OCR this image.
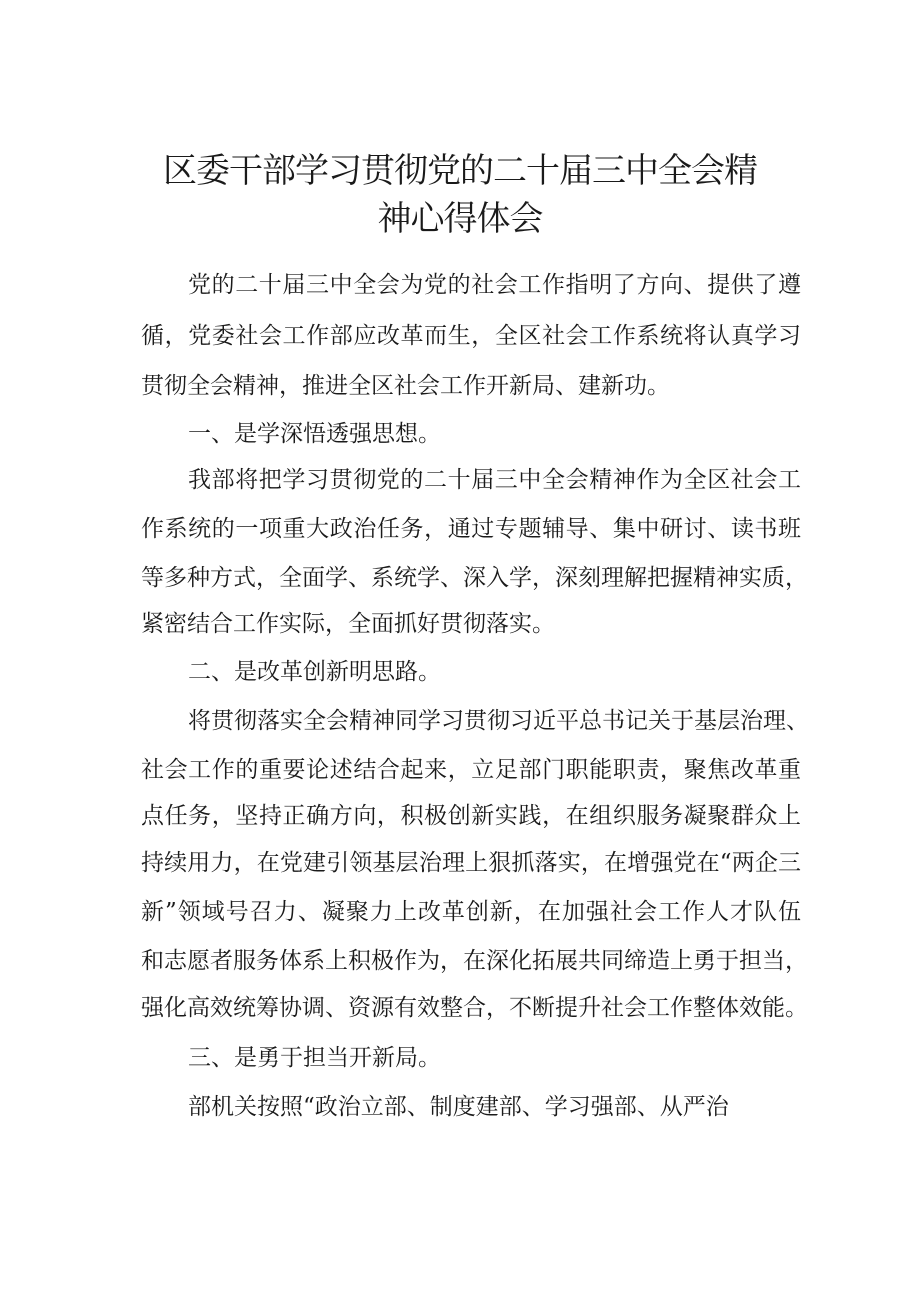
区委干部学习贯彻党的二十届三中全会精
神心得体会

党的二十届三中全会为党的社会工作指明了方向、提供了遵

循，党委社会工作部应改革而生，全区社会工作系统将认真学习

贯彻全会精神，推进全区社会工作开新局、建新功。

一、是学深悟透强思想。

我部将把学习贯彻党的二十届三中全会精神作为全区社会工

作系统的一项重大政治任务，通过专题辅导、集中研讨、读书班

等多种方式，全面学、系统学、深入学，深刻理解把握精神实质，

紧密结合工作实际，全面抓好贯彻落实。

二、是改革创新明思路。

将贯彻落实全会精神同学习贯彻习近平总书记关于基层治理、

社会工作的重要论述结合起来，立足部门职能职责，聚焦改革重

点任务，坚持正确方向，积极创新实践，在组织服务凝聚群众上

持续用力，在党建引领基层治理上狠抓落实，在增强党在“两企三

新”领域号召力、凝聚力上改革创新，在加强社会工作人才队伍

和志愿者服务体系上积极作为，在深化拓展共同缔造上勇于担当，

强化高效统筹协调、资源有效整合，不断提升社会工作整体效能。

三、是勇于担当开新局。

部机关按照“政治立部、制度建部、学习强部、从严治
